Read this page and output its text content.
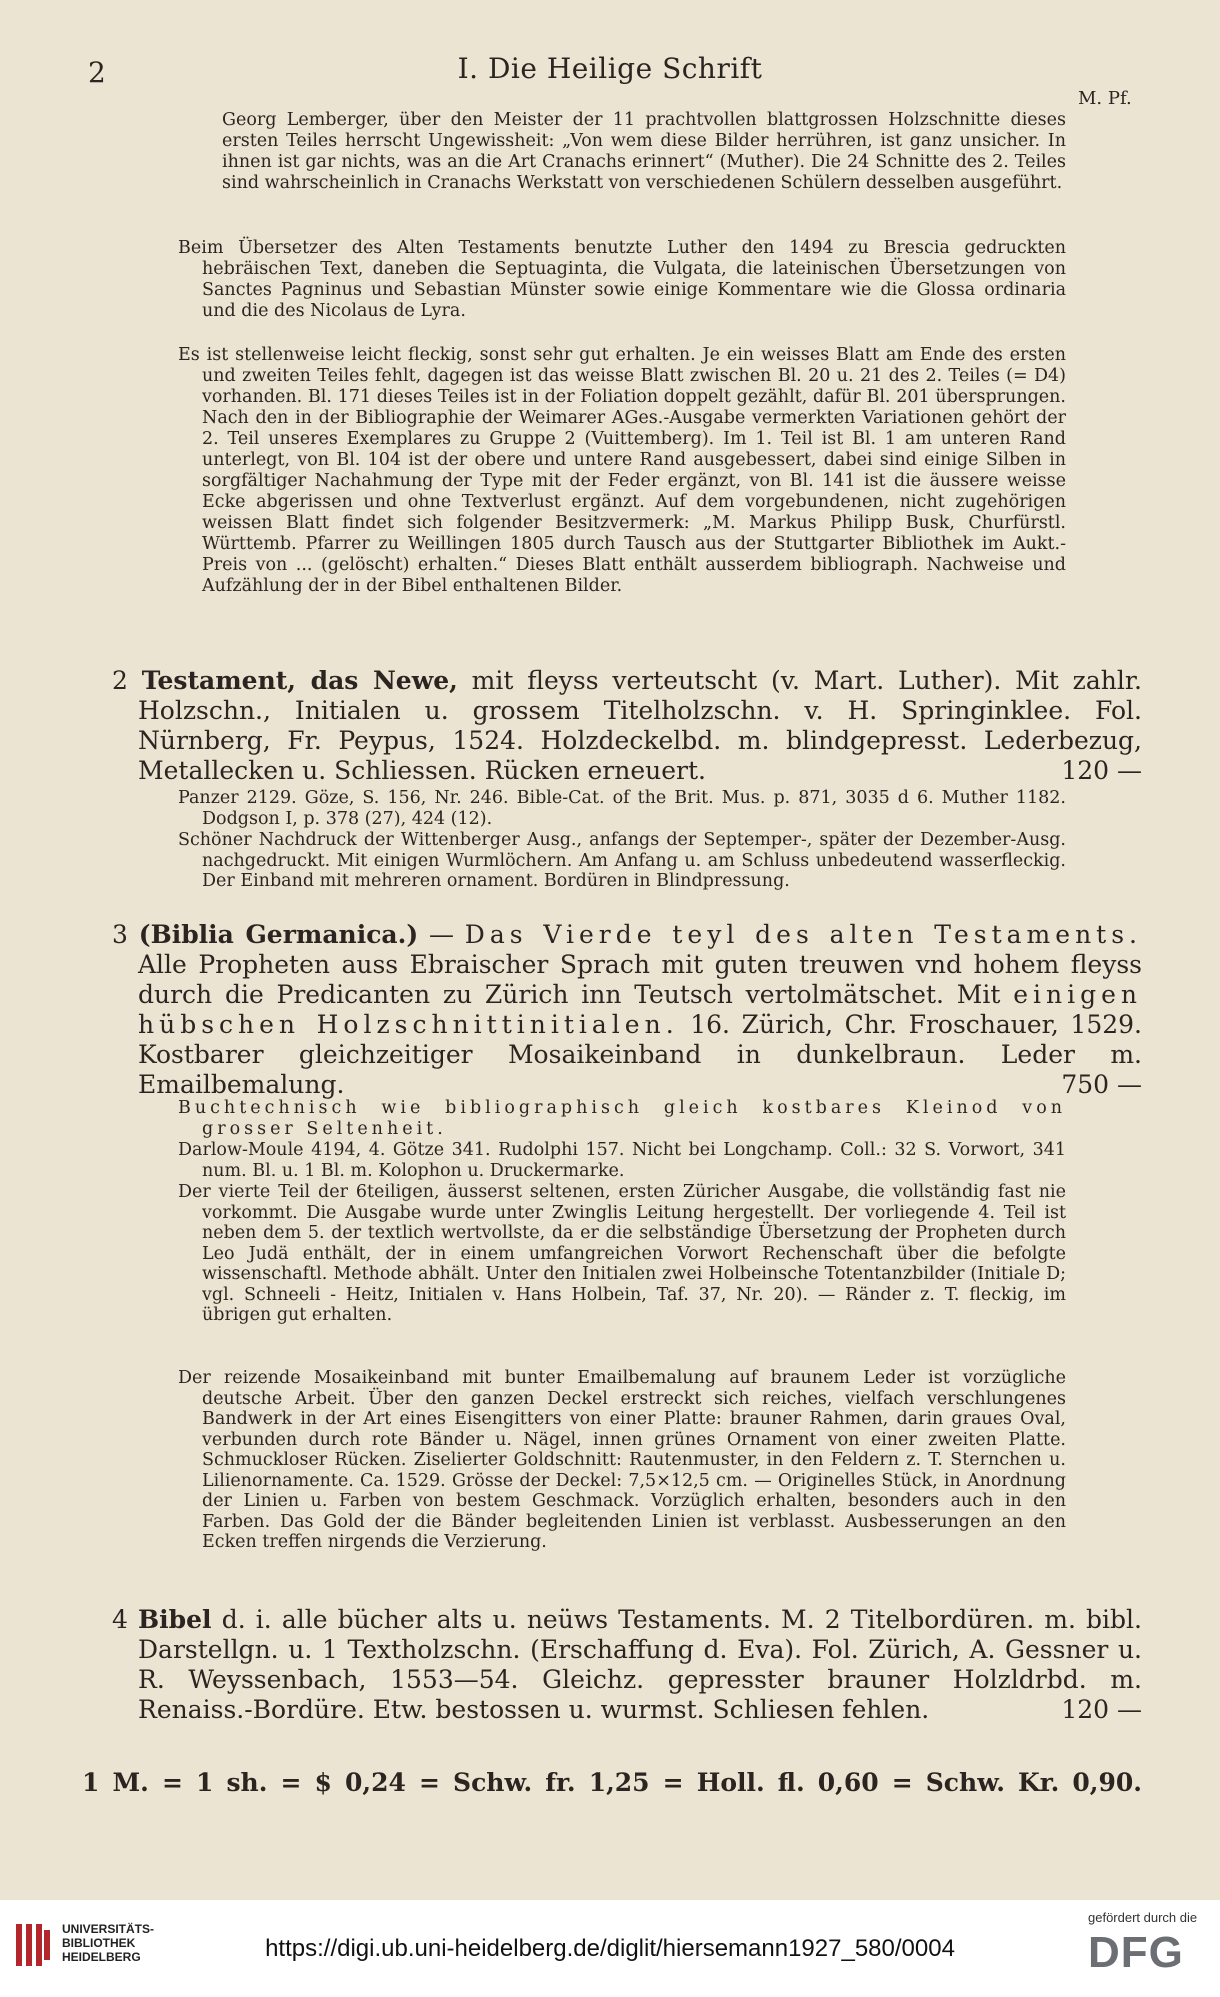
2	I. Die Heilige Schrift
M. Pf.
Georg Lemberger, über den Meister der 11 prachtvollen blattgrossen Holzschnitte dieses ersten Teiles herrscht Ungewissheit: „Von wem diese Bilder herrühren, ist ganz unsicher. In ihnen ist gar nichts, was an die Art Cranachs erinnert“ (Muther). Die 24 Schnitte des 2. Teiles sind wahrscheinlich in Cranachs Werkstatt von verschiedenen Schülern desselben ausgeführt.
Beim Übersetzer des Alten Testaments benutzte Luther den 1494 zu Brescia gedruckten hebräischen Text, daneben die Septuaginta, die Vulgata, die lateinischen Übersetzungen von Sanctes Pagninus und Sebastian Münster sowie einige Kommentare wie die Glossa ordinaria und die des Nicolaus de Lyra.
Es ist stellenweise leicht fleckig, sonst sehr gut erhalten. Je ein weisses Blatt am Ende des ersten und zweiten Teiles fehlt, dagegen ist das weisse Blatt zwischen Bl. 20 u. 21 des 2. Teiles (= D4) vorhanden. Bl. 171 dieses Teiles ist in der Foliation doppelt gezählt, dafür Bl. 201 übersprungen. Nach den in der Bibliographie der Weimarer AGes.-Ausgabe vermerkten Variationen gehört der 2. Teil unseres Exemplares zu Gruppe 2 (Vuittemberg). Im 1. Teil ist Bl. 1 am unteren Rand unterlegt, von Bl. 104 ist der obere und untere Rand ausgebessert, dabei sind einige Silben in sorgfältiger Nachahmung der Type mit der Feder ergänzt, von Bl. 141 ist die äussere weisse Ecke abgerissen und ohne Textverlust ergänzt. Auf dem vorgebundenen, nicht zugehörigen weissen Blatt findet sich folgender Besitzvermerk: „M. Markus Philipp Busk, Churfürstl. Württemb. Pfarrer zu Weillingen 1805 durch Tausch aus der Stuttgarter Bibliothek im Aukt.-Preis von ... (gelöscht) erhalten.“ Dieses Blatt enthält ausserdem bibliograph. Nachweise und Aufzählung der in der Bibel enthaltenen Bilder.
2 Testament, das Newe, mit fleyss verteutscht (v. Mart. Luther). Mit zahlr. Holzschn., Initialen u. grossem Titelholzschn. v. H. Springinklee. Fol. Nürnberg, Fr. Peypus, 1524. Holzdeckelbd. m. blindgepresst. Lederbezug, Metallecken u. Schliessen. Rücken erneuert.	120 —
Panzer 2129. Göze, S. 156, Nr. 246. Bible-Cat. of the Brit. Mus. p. 871, 3035 d 6. Muther 1182. Dodgson I, p. 378 (27), 424 (12).
Schöner Nachdruck der Wittenberger Ausg., anfangs der Septemper-, später der Dezember-Ausg. nachgedruckt. Mit einigen Wurmlöchern. Am Anfang u. am Schluss unbedeutend wasserfleckig. Der Einband mit mehreren ornament. Bordüren in Blindpressung.
3 (Biblia Germanica.) — Das Vierde teyl des alten Testaments. Alle Propheten auss Ebraischer Sprach mit guten treuwen vnd hohem fleyss durch die Predicanten zu Zürich inn Teutsch vertolmätschet. Mit einigen hübschen Holzschnittinitialen. 16. Zürich, Chr. Froschauer, 1529. Kostbarer gleichzeitiger Mosaikeinband in dunkelbraun. Leder m. Emailbemalung.	750 —
Buchtechnisch wie bibliographisch gleich kostbares Kleinod von grosser Seltenheit.
Darlow-Moule 4194, 4. Götze 341. Rudolphi 157. Nicht bei Longchamp. Coll.: 32 S. Vorwort, 341 num. Bl. u. 1 Bl. m. Kolophon u. Druckermarke.
Der vierte Teil der 6teiligen, äusserst seltenen, ersten Züricher Ausgabe, die vollständig fast nie vorkommt. Die Ausgabe wurde unter Zwinglis Leitung hergestellt. Der vorliegende 4. Teil ist neben dem 5. der textlich wertvollste, da er die selbständige Übersetzung der Propheten durch Leo Judä enthält, der in einem umfangreichen Vorwort Rechenschaft über die befolgte wissenschaftl. Methode abhält. Unter den Initialen zwei Holbeinsche Totentanzbilder (Initiale D; vgl. Schneeli - Heitz, Initialen v. Hans Holbein, Taf. 37, Nr. 20). — Ränder z. T. fleckig, im übrigen gut erhalten.
Der reizende Mosaikeinband mit bunter Emailbemalung auf braunem Leder ist vorzügliche deutsche Arbeit. Über den ganzen Deckel erstreckt sich reiches, vielfach verschlungenes Bandwerk in der Art eines Eisengitters von einer Platte: brauner Rahmen, darin graues Oval, verbunden durch rote Bänder u. Nägel, innen grünes Ornament von einer zweiten Platte. Schmuckloser Rücken. Ziselierter Goldschnitt: Rautenmuster, in den Feldern z. T. Sternchen u. Lilienornamente. Ca. 1529. Grösse der Deckel: 7,5×12,5 cm. — Originelles Stück, in Anordnung der Linien u. Farben von bestem Geschmack. Vorzüglich erhalten, besonders auch in den Farben. Das Gold der die Bänder begleitenden Linien ist verblasst. Ausbesserungen an den Ecken treffen nirgends die Verzierung.
4 Bibel d. i. alle bücher alts u. neüws Testaments. M. 2 Titelbordüren. m. bibl. Darstellgn. u. 1 Textholzschn. (Erschaffung d. Eva). Fol. Zürich, A. Gessner u. R. Weyssenbach, 1553—54. Gleichz. gepresster brauner Holzldrbd. m. Renaiss.-Bordüre. Etw. bestossen u. wurmst. Schliesen fehlen.	120 —
1 M. = 1 sh. = $ 0,24 = Schw. fr. 1,25 = Holl. fl. 0,60 = Schw. Kr. 0,90.
UNIVERSITÄTS-
BIBLIOTHEK
HEIDELBERG	https://digi.ub.uni-heidelberg.de/diglit/hiersemann1927_580/0004
gefördert durch die
DFG
